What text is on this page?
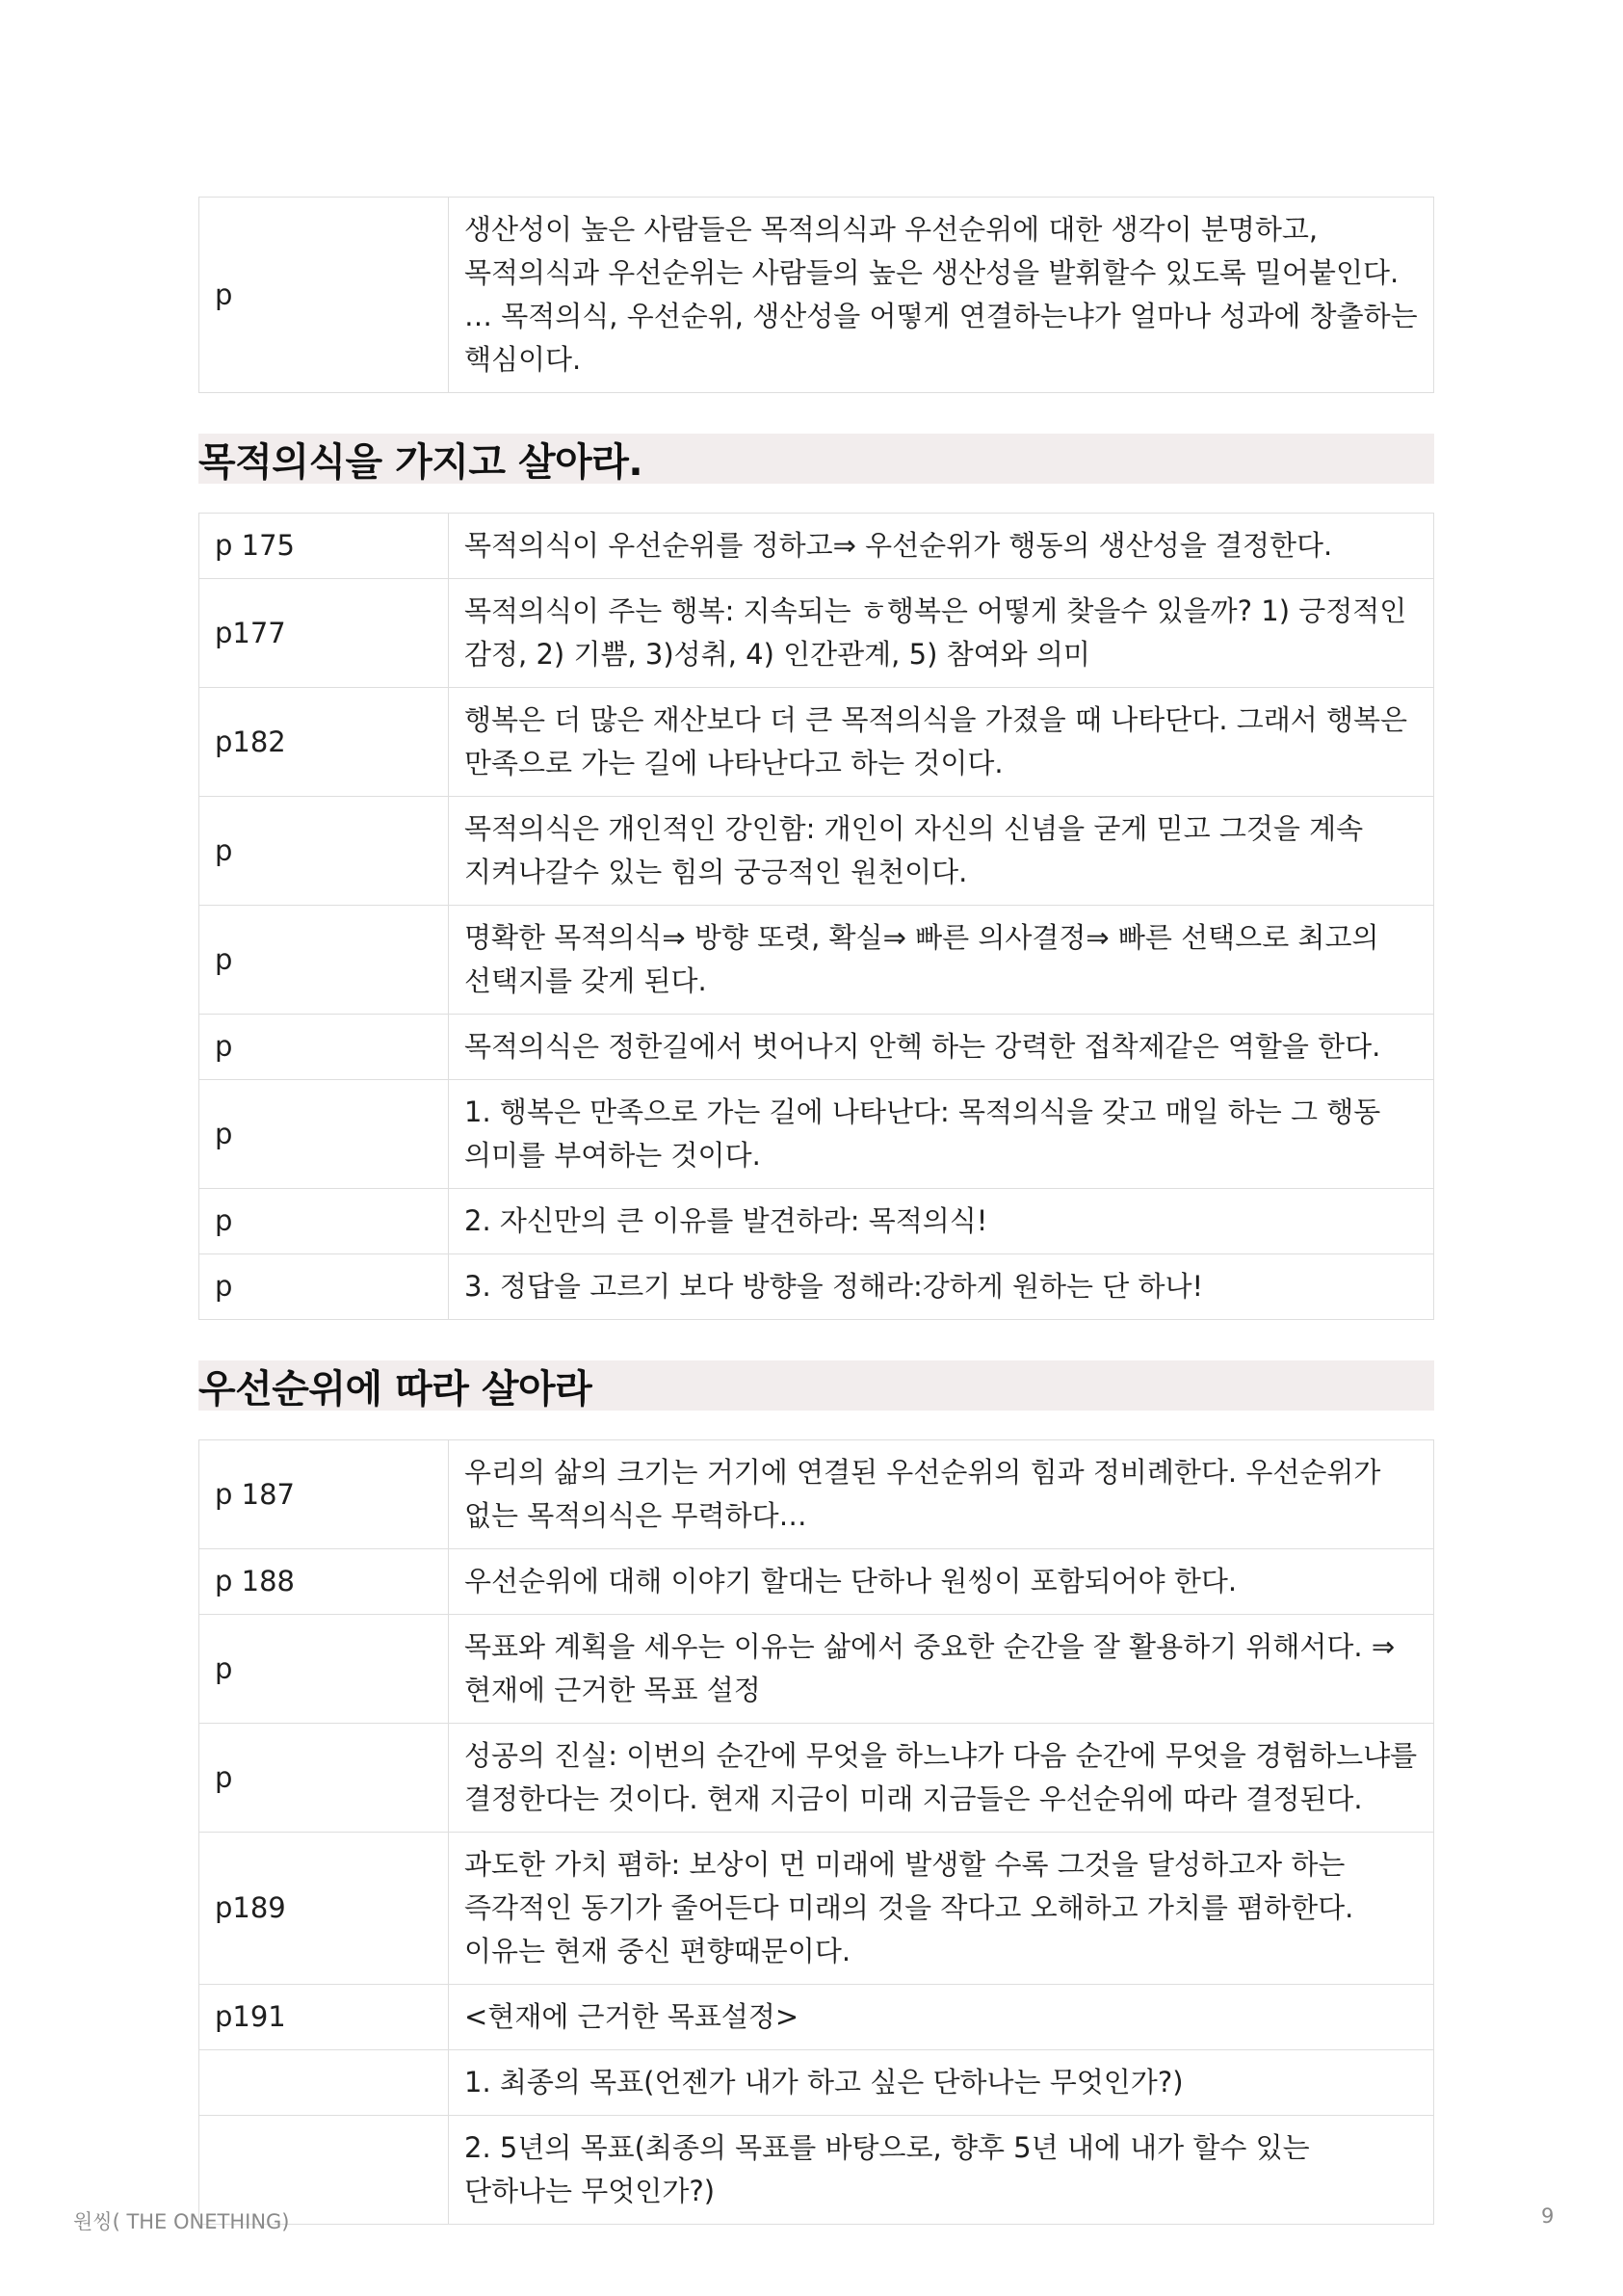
p	생산성이 높은 사람들은 목적의식과 우선순위에 대한 생각이 분명하고, 목적의식과 우선순위는 사람들의 높은 생산성을 발휘할수 있도록 밀어붙인다. … 목적의식, 우선순위, 생산성을 어떻게 연결하는냐가 얼마나 성과에 창출하는 핵심이다.
목적의식을 가지고 살아라.
p 175	목적의식이 우선순위를 정하고⇒ 우선순위가 행동의 생산성을 결정한다.
p177	목적의식이 주는 행복: 지속되는 ㅎ행복은 어떻게 찾을수 있을까? 1) 긍정적인 감정, 2) 기쁨, 3)성취, 4) 인간관계, 5) 참여와 의미
p182	행복은 더 많은 재산보다 더 큰 목적의식을 가졌을 때 나타단다. 그래서 행복은 만족으로 가는 길에 나타난다고 하는 것이다.
p	목적의식은 개인적인 강인함: 개인이 자신의 신념을 굳게 믿고 그것을 계속 지켜나갈수 있는 힘의 궁긍적인 원천이다.
p	명확한 목적의식⇒ 방향 또렷, 확실⇒ 빠른 의사결정⇒ 빠른 선택으로 최고의 선택지를 갖게 된다.
p	목적의식은 정한길에서 벗어나지 안헥 하는 강력한 접착제같은 역할을 한다.
p	1. 행복은 만족으로 가는 길에 나타난다: 목적의식을 갖고 매일 하는 그 행동 의미를 부여하는 것이다.
p	2. 자신만의 큰 이유를 발견하라: 목적의식!
p	3. 정답을 고르기 보다 방향을 정해라:강하게 원하는 단 하나!
우선순위에 따라 살아라
p 187	우리의 삶의 크기는 거기에 연결된 우선순위의 힘과 정비례한다. 우선순위가 없는 목적의식은 무력하다…
p 188	우선순위에 대해 이야기 할대는 단하나 원씽이 포함되어야 한다.
p	목표와 계획을 세우는 이유는 삶에서 중요한 순간을 잘 활용하기 위해서다. ⇒ 현재에 근거한 목표 설정
p	성공의 진실: 이번의 순간에 무엇을 하느냐가 다음 순간에 무엇을 경험하느냐를 결정한다는 것이다. 현재 지금이 미래 지금들은 우선순위에 따라 결정된다.
p189	과도한 가치 폄하: 보상이 먼 미래에 발생할 수록 그것을 달성하고자 하는 즉각적인 동기가 줄어든다 미래의 것을 작다고 오해하고 가치를 폄하한다. 이유는 현재 중신 편향때문이다.
p191	<현재에 근거한 목표설정>
	1. 최종의 목표(언젠가 내가 하고 싶은 단하나는 무엇인가?)
	2. 5년의 목표(최종의 목표를 바탕으로, 향후 5년 내에 내가 할수 있는 단하나는 무엇인가?)
원씽( THE ONETHING)	9
